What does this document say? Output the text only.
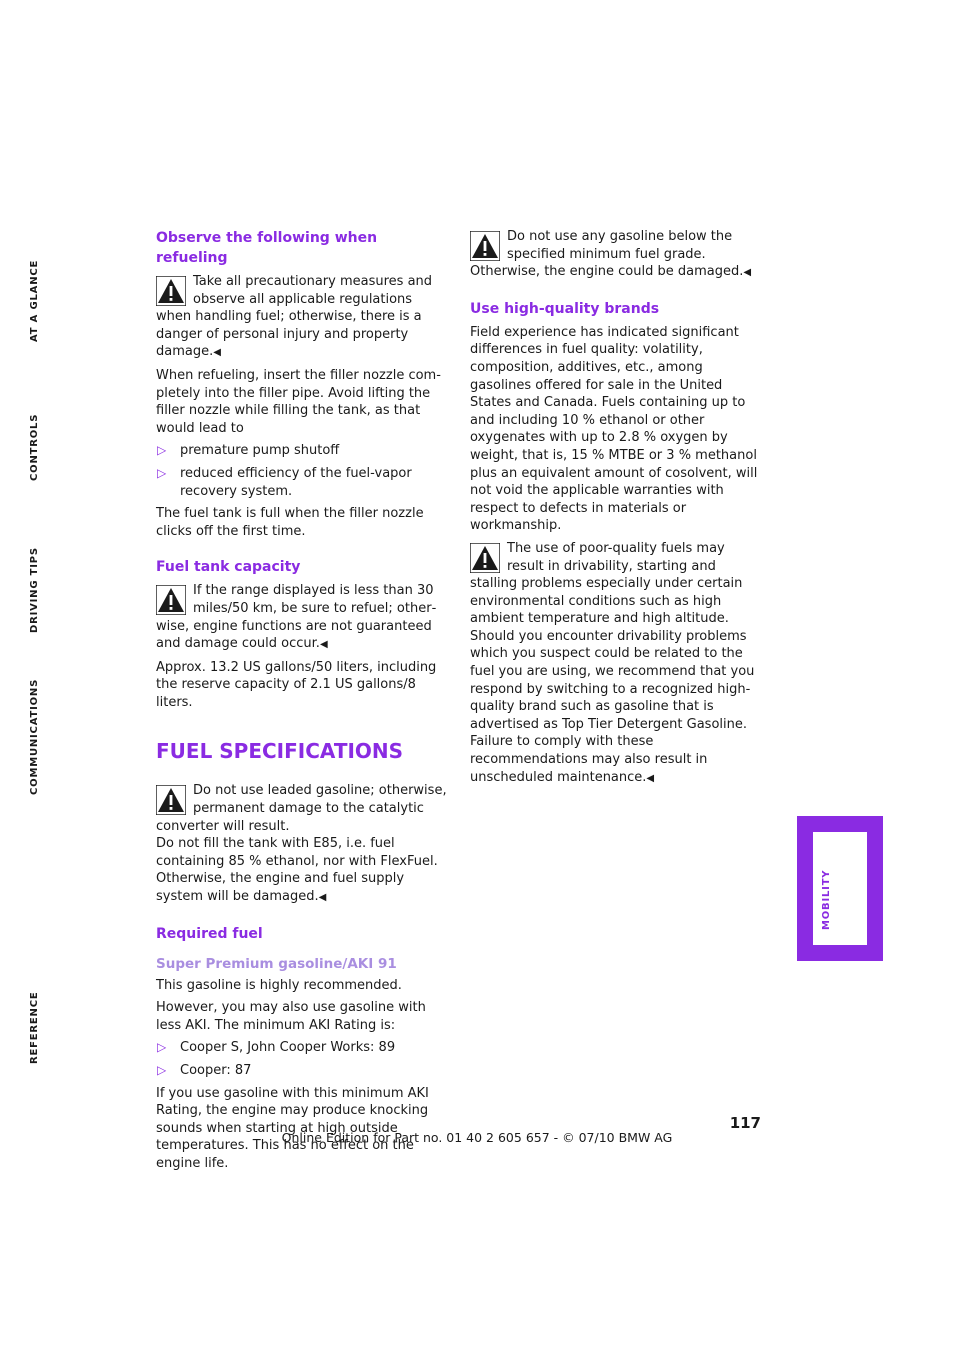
Observe the following when refueling
Take all precautionary measures and observe all applicable regulations when handling fuel; otherwise, there is a danger of personal injury and property damage.◀

When refueling, insert the filler nozzle completely into the filler pipe. Avoid lifting the filler nozzle while filling the tank, as that would lead to

▷ premature pump shutoff
▷ reduced efficiency of the fuel-vapor recovery system.

The fuel tank is full when the filler nozzle clicks off the first time.

Fuel tank capacity
If the range displayed is less than 30 miles/50 km, be sure to refuel; otherwise, engine functions are not guaranteed and damage could occur.◀

Approx. 13.2 US gallons/50 liters, including the reserve capacity of 2.1 US gallons/8 liters.

FUEL SPECIFICATIONS
Do not use leaded gasoline; otherwise, permanent damage to the catalytic converter will result.
Do not fill the tank with E85, i.e. fuel containing 85 % ethanol, nor with FlexFuel. Otherwise, the engine and fuel supply system will be damaged.◀
Required fuel
Super Premium gasoline/AKI 91

This gasoline is highly recommended.

However, you may also use gasoline with less AKI. The minimum AKI Rating is:

▷ Cooper S, John Cooper Works: 89
▷ Cooper: 87

If you use gasoline with this minimum AKI Rating, the engine may produce knocking sounds when starting at high outside temperatures. This has no effect on the engine life.

Do not use any gasoline below the specified minimum fuel grade. Otherwise, the engine could be damaged.◀
Use high-quality brands

Field experience has indicated significant differences in fuel quality: volatility, composition, additives, etc., among gasolines offered for sale in the United States and Canada. Fuels containing up to and including 10 % ethanol or other oxygenates with up to 2.8 % oxygen by weight, that is, 15 % MTBE or 3 % methanol plus an equivalent amount of cosolvent, will not void the applicable warranties with respect to defects in materials or workmanship.

The use of poor-quality fuels may result in drivability, starting and stalling problems especially under certain environmental conditions such as high ambient temperature and high altitude.
Should you encounter drivability problems which you suspect could be related to the fuel you are using, we recommend that you respond by switching to a recognized high-quality brand such as gasoline that is advertised as Top Tier Detergent Gasoline.
Failure to comply with these recommendations may also result in unscheduled maintenance.◀
AT A GLANCE
CONTROLS
DRIVING TIPS
COMMUNICATIONS
MOBILITY
REFERENCE
117
Online Edition for Part no. 01 40 2 605 657 - © 07/10 BMW AG
